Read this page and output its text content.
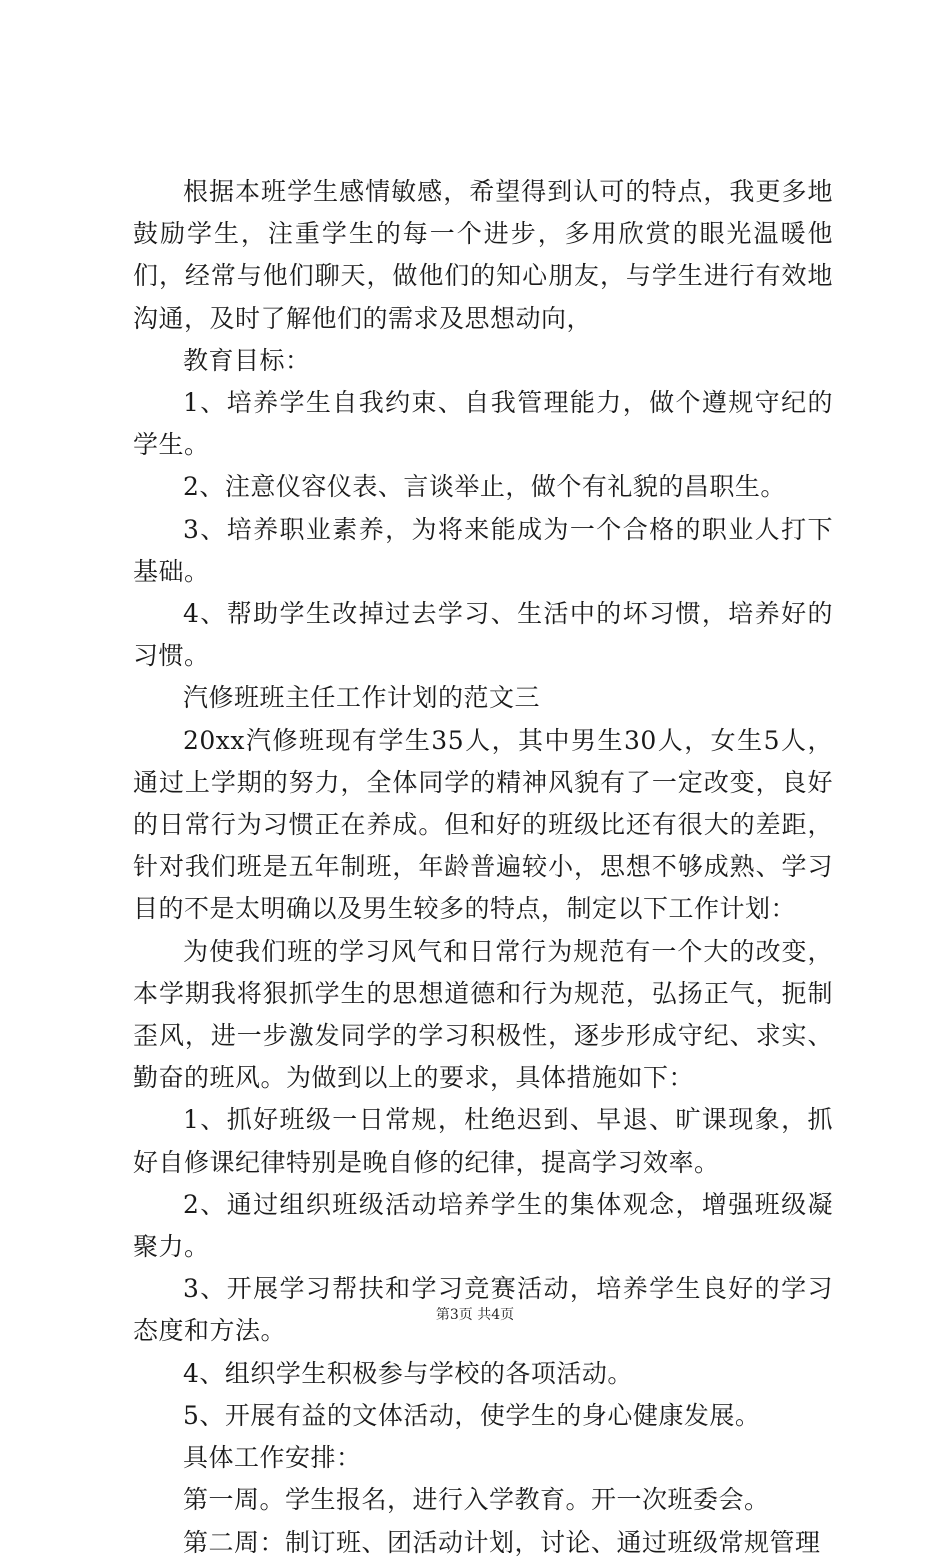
根据本班学生感情敏感，希望得到认可的特点，我更多地鼓励学生，注重学生的每一个进步，多用欣赏的眼光温暖他们，经常与他们聊天，做他们的知心朋友，与学生进行有效地沟通，及时了解他们的需求及思想动向，

教育目标：

1、培养学生自我约束、自我管理能力，做个遵规守纪的学生。

2、注意仪容仪表、言谈举止，做个有礼貌的昌职生。

3、培养职业素养，为将来能成为一个合格的职业人打下基础。

4、帮助学生改掉过去学习、生活中的坏习惯，培养好的习惯。

汽修班班主任工作计划的范文三

20xx汽修班现有学生35人，其中男生30人，女生5人，通过上学期的努力，全体同学的精神风貌有了一定改变，良好的日常行为习惯正在养成。但和好的班级比还有很大的差距，针对我们班是五年制班，年龄普遍较小，思想不够成熟、学习目的不是太明确以及男生较多的特点，制定以下工作计划：

为使我们班的学习风气和日常行为规范有一个大的改变，本学期我将狠抓学生的思想道德和行为规范，弘扬正气，扼制歪风，进一步激发同学的学习积极性，逐步形成守纪、求实、勤奋的班风。为做到以上的要求，具体措施如下：

1、抓好班级一日常规，杜绝迟到、早退、旷课现象，抓好自修课纪律特别是晚自修的纪律，提高学习效率。

2、通过组织班级活动培养学生的集体观念，增强班级凝聚力。

3、开展学习帮扶和学习竞赛活动，培养学生良好的学习态度和方法。

4、组织学生积极参与学校的各项活动。

5、开展有益的文体活动，使学生的身心健康发展。

具体工作安排：

第一周。学生报名，进行入学教育。开一次班委会。

第二周：制订班、团活动计划，讨论、通过班级常规管理

第3页 共4页
